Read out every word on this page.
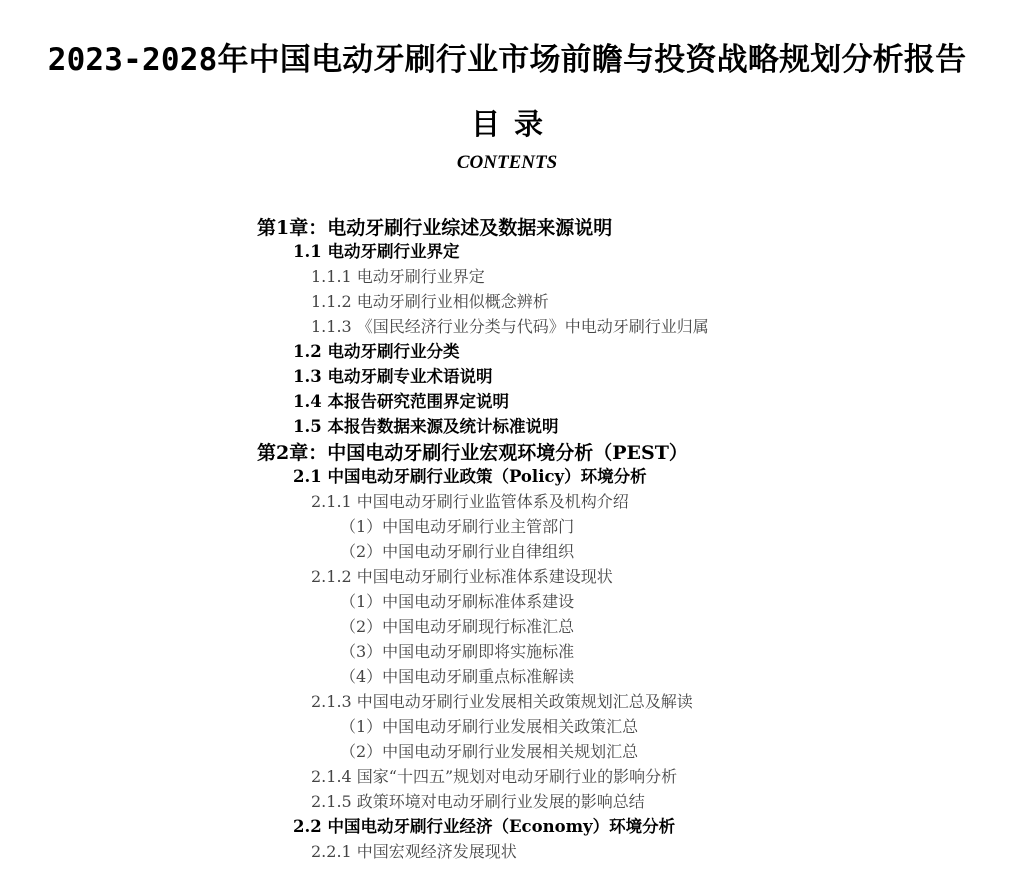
2023-2028年中国电动牙刷行业市场前瞻与投资战略规划分析报告
目录
CONTENTS
第1章：电动牙刷行业综述及数据来源说明
1.1 电动牙刷行业界定
1.1.1 电动牙刷行业界定
1.1.2 电动牙刷行业相似概念辨析
1.1.3 《国民经济行业分类与代码》中电动牙刷行业归属
1.2 电动牙刷行业分类
1.3 电动牙刷专业术语说明
1.4 本报告研究范围界定说明
1.5 本报告数据来源及统计标准说明
第2章：中国电动牙刷行业宏观环境分析（PEST）
2.1 中国电动牙刷行业政策（Policy）环境分析
2.1.1 中国电动牙刷行业监管体系及机构介绍
（1）中国电动牙刷行业主管部门
（2）中国电动牙刷行业自律组织
2.1.2 中国电动牙刷行业标准体系建设现状
（1）中国电动牙刷标准体系建设
（2）中国电动牙刷现行标准汇总
（3）中国电动牙刷即将实施标准
（4）中国电动牙刷重点标准解读
2.1.3 中国电动牙刷行业发展相关政策规划汇总及解读
（1）中国电动牙刷行业发展相关政策汇总
（2）中国电动牙刷行业发展相关规划汇总
2.1.4 国家“十四五”规划对电动牙刷行业的影响分析
2.1.5 政策环境对电动牙刷行业发展的影响总结
2.2 中国电动牙刷行业经济（Economy）环境分析
2.2.1 中国宏观经济发展现状
